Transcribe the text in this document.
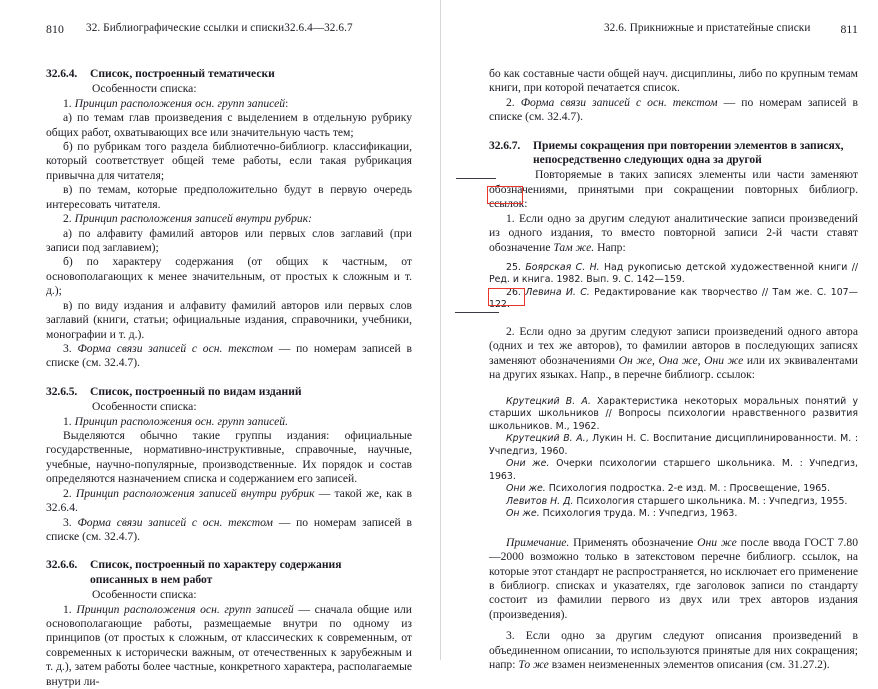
810 32. Библиографические ссылки и списки 32.6.4—32.6.7
32.6.4.	Список, построенный тематически

Особенности списка:

1. Принцип расположения осн. групп записей:

а) по темам глав произведения с выделением в отдельную рубрику общих работ, охватывающих все или значительную часть тем;

б) по рубрикам того раздела библиотечно-библиогр. классификации, который соответствует общей теме работы, если такая рубрикация привычна для читателя;

в) по темам, которые предположительно будут в первую очередь интересовать читателя.

2. Принцип расположения записей внутри рубрик:

а) по алфавиту фамилий авторов или первых слов заглавий (при записи под заглавием);

б) по характеру содержания (от общих к частным, от основополагающих к менее значительным, от простых к сложным и т. д.);

в) по виду издания и алфавиту фамилий авторов или первых слов заглавий (книги, статьи; официальные издания, справочники, учебники, монографии и т. д.).

3. Форма связи записей с осн. текстом — по номерам записей в списке (см. 32.4.7).

32.6.5.	Список, построенный по видам изданий

Особенности списка:

1. Принцип расположения осн. групп записей.

Выделяются обычно такие группы издания: официальные государственные, нормативно-инструктивные, справочные, научные, учебные, научно-популярные, производственные. Их порядок и состав определяются назначением списка и содержанием его записей.

2. Принцип расположения записей внутри рубрик — такой же, как в 32.6.4.

3. Форма связи записей с осн. текстом — по номерам записей в списке (см. 32.4.7).

32.6.6.	Список, построенный по характеру содержания
описанных в нем работ

Особенности списка:

1. Принцип расположения осн. групп записей — сначала общие или основополагающие работы, размещаемые внутри по одному из принципов (от простых к сложным, от классических к современным, от современных к исторически важным, от отечественных к зарубежным и т. д.), затем работы более частные, конкретного характера, располагаемые внутри ли-

32.6. Прикнижные и пристатейные списки	811

бо как составные части общей науч. дисциплины, либо по крупным темам книги, при которой печатается список.

2. Форма связи записей с осн. текстом — по номерам записей в списке (см. 32.4.7).

32.6.7.	Приемы сокращения при повторении элементов в записях,
непосредственно следующих одна за другой

Повторяемые в таких записях элементы или части заменяют обозначениями, принятыми при сокращении повторных библиогр. ссылок:

1. Если одно за другим следуют аналитические записи произведений из одного издания, то вместо повторной записи 2-й части ставят обозначение Там же. Напр:

25. Боярская С. Н. Над рукописью детской художественной книги // Ред. и книга. 1982. Вып. 9. С. 142—159.

26. Левина И. С. Редактирование как творчество // Там же. С. 107—122.

2. Если одно за другим следуют записи произведений одного автора (одних и тех же авторов), то фамилии авторов в последующих записях заменяют обозначениями Он же, Она же, Они же или их эквивалентами на других языках. Напр., в перечне библиогр. ссылок:

Крутецкий В. А. Характеристика некоторых моральных понятий у старших школьников // Вопросы психологии нравственного развития школьников. М., 1962.

Крутецкий В. А., Лукин Н. С. Воспитание дисциплинированности. М. : Учпедгиз, 1960.

Они же. Очерки психологии старшего школьника. М. : Учпедгиз, 1963.

Они же. Психология подростка. 2-е изд. М. : Просвещение, 1965.

Левитов Н. Д. Психология старшего школьника. М. : Учпедгиз, 1955.

Он же. Психология труда. М. : Учпедгиз, 1963.

Примечание. Применять обозначение Они же после ввода ГОСТ 7.80—2000 возможно только в затекстовом перечне библиогр. ссылок, на которые этот стандарт не распространяется, но исключает его применение в библиогр. списках и указателях, где заголовок записи по стандарту состоит из фамилии первого из двух или трех авторов издания (произведения).

3. Если одно за другим следуют описания произведений в объединенном описании, то используются принятые для них сокращения; напр: То же взамен неизмененных элементов описания (см. 31.27.2).
